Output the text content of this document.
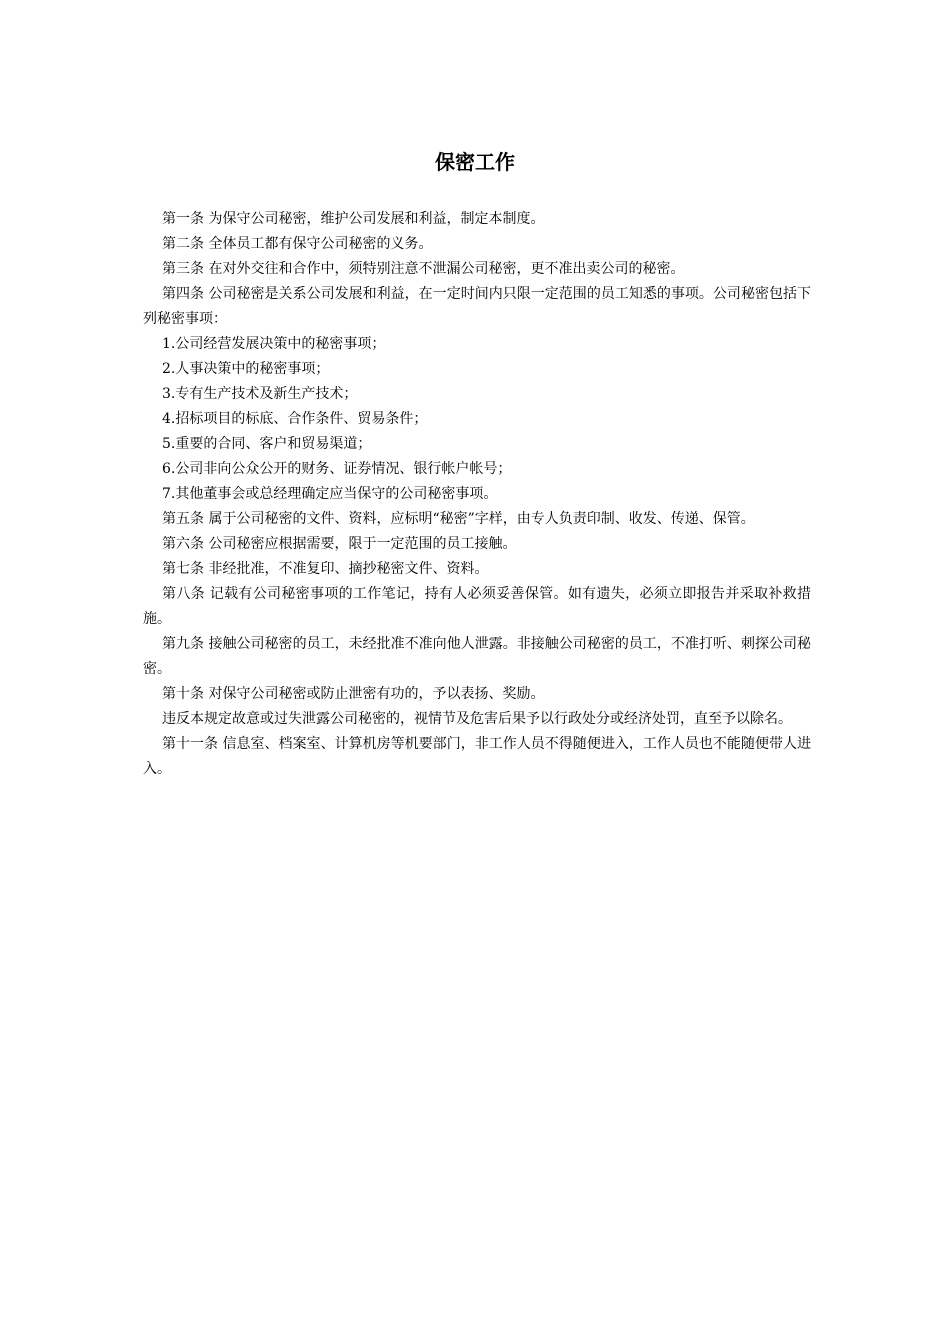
保密工作

第一条 为保守公司秘密，维护公司发展和利益，制定本制度。

第二条 全体员工都有保守公司秘密的义务。

第三条 在对外交往和合作中，须特别注意不泄漏公司秘密，更不准出卖公司的秘密。

第四条 公司秘密是关系公司发展和利益，在一定时间内只限一定范围的员工知悉的事项。公司秘密包括下列秘密事项：

1.公司经营发展决策中的秘密事项；

2.人事决策中的秘密事项；

3.专有生产技术及新生产技术；

4.招标项目的标底、合作条件、贸易条件；

5.重要的合同、客户和贸易渠道；

6.公司非向公众公开的财务、证券情况、银行帐户帐号；

7.其他董事会或总经理确定应当保守的公司秘密事项。

第五条 属于公司秘密的文件、资料，应标明“秘密”字样，由专人负责印制、收发、传递、保管。

第六条 公司秘密应根据需要，限于一定范围的员工接触。

第七条 非经批准，不准复印、摘抄秘密文件、资料。

第八条 记载有公司秘密事项的工作笔记，持有人必须妥善保管。如有遗失，必须立即报告并采取补救措施。

第九条 接触公司秘密的员工，未经批准不准向他人泄露。非接触公司秘密的员工，不准打听、刺探公司秘密。

第十条 对保守公司秘密或防止泄密有功的，予以表扬、奖励。

违反本规定故意或过失泄露公司秘密的，视情节及危害后果予以行政处分或经济处罚，直至予以除名。

第十一条 信息室、档案室、计算机房等机要部门，非工作人员不得随便进入，工作人员也不能随便带人进入。
